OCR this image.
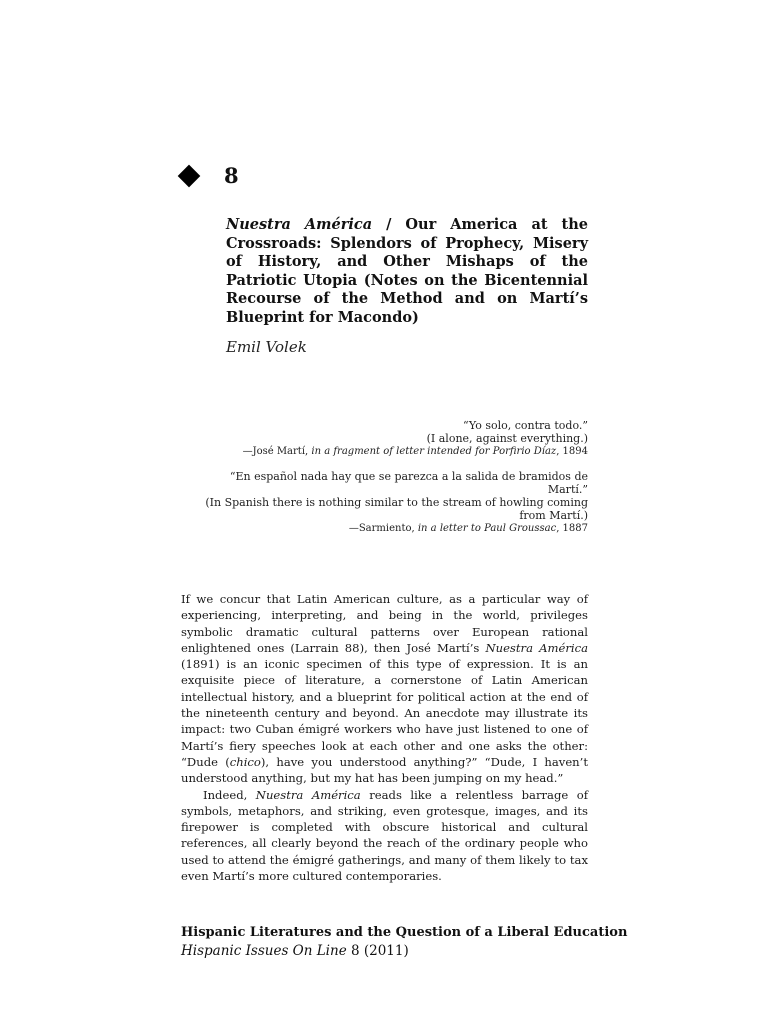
8
Nuestra América / Our America at the Crossroads: Splendors of Prophecy, Misery of History, and Other Mishaps of the Patriotic Utopia (Notes on the Bicentennial Recourse of the Method and on Martí’s Blueprint for Macondo)
Emil Volek
“Yo solo, contra todo.”
(I alone, against everything.)
—José Martí, in a fragment of letter intended for Porfirio Díaz, 1894
“En español nada hay que se parezca a la salida de bramidos de Martí.”
(In Spanish there is nothing similar to the stream of howling coming from Martí.)
—Sarmiento, in a letter to Paul Groussac, 1887

If we concur that Latin American culture, as a particular way of experiencing, interpreting, and being in the world, privileges symbolic dramatic cultural patterns over European rational enlightened ones (Larrain 88), then José Martí’s Nuestra América (1891) is an iconic specimen of this type of expression. It is an exquisite piece of literature, a cornerstone of Latin American intellectual history, and a blueprint for political action at the end of the nineteenth century and beyond. An anecdote may illustrate its impact: two Cuban émigré workers who have just listened to one of Martí’s fiery speeches look at each other and one asks the other: “Dude (chico), have you understood anything?” “Dude, I haven’t understood anything, but my hat has been jumping on my head.”

Indeed, Nuestra América reads like a relentless barrage of symbols, metaphors, and striking, even grotesque, images, and its firepower is completed with obscure historical and cultural references, all clearly beyond the reach of the ordinary people who used to attend the émigré gatherings, and many of them likely to tax even Martí’s more cultured contemporaries.

Hispanic Literatures and the Question of a Liberal Education
Hispanic Issues On Line 8 (2011)
